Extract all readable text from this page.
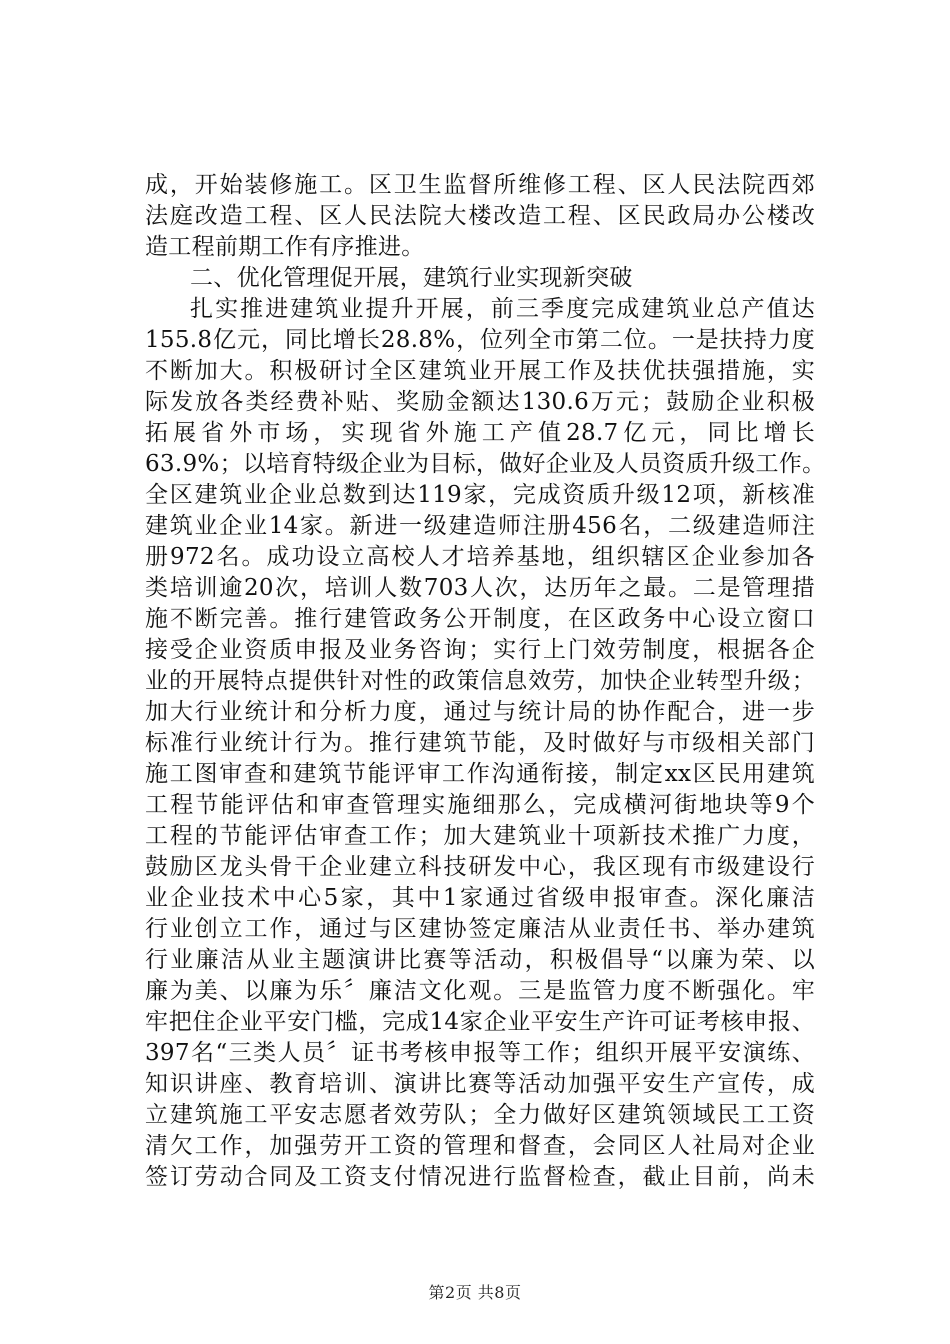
成，开始装修施工。区卫生监督所维修工程、区人民法院西郊
法庭改造工程、区人民法院大楼改造工程、区民政局办公楼改
造工程前期工作有序推进。
二、优化管理促开展，建筑行业实现新突破
扎实推进建筑业提升开展，前三季度完成建筑业总产值达
155.8亿元，同比增长28.8%，位列全市第二位。一是扶持力度
不断加大。积极研讨全区建筑业开展工作及扶优扶强措施，实
际发放各类经费补贴、奖励金额达130.6万元；鼓励企业积极
拓展省外市场，实现省外施工产值28.7亿元，同比增长
63.9%；以培育特级企业为目标，做好企业及人员资质升级工作。
全区建筑业企业总数到达119家，完成资质升级12项，新核准
建筑业企业14家。新进一级建造师注册456名，二级建造师注
册972名。成功设立高校人才培养基地，组织辖区企业参加各
类培训逾20次，培训人数703人次，达历年之最。二是管理措
施不断完善。推行建管政务公开制度，在区政务中心设立窗口
接受企业资质申报及业务咨询；实行上门效劳制度，根据各企
业的开展特点提供针对性的政策信息效劳，加快企业转型升级；
加大行业统计和分析力度，通过与统计局的协作配合，进一步
标准行业统计行为。推行建筑节能，及时做好与市级相关部门
施工图审查和建筑节能评审工作沟通衔接，制定xx区民用建筑
工程节能评估和审查管理实施细那么，完成横河街地块等9个
工程的节能评估审查工作；加大建筑业十项新技术推广力度，
鼓励区龙头骨干企业建立科技研发中心，我区现有市级建设行
业企业技术中心5家，其中1家通过省级申报审查。深化廉洁
行业创立工作，通过与区建协签定廉洁从业责任书、举办建筑
行业廉洁从业主题演讲比赛等活动，积极倡导“以廉为荣、以
廉为美、以廉为乐〞廉洁文化观。三是监管力度不断强化。牢
牢把住企业平安门槛，完成14家企业平安生产许可证考核申报、
397名“三类人员〞证书考核申报等工作；组织开展平安演练、
知识讲座、教育培训、演讲比赛等活动加强平安生产宣传，成
立建筑施工平安志愿者效劳队；全力做好区建筑领域民工工资
清欠工作，加强劳开工资的管理和督查，会同区人社局对企业
签订劳动合同及工资支付情况进行监督检查，截止目前，尚未
第2页 共8页
